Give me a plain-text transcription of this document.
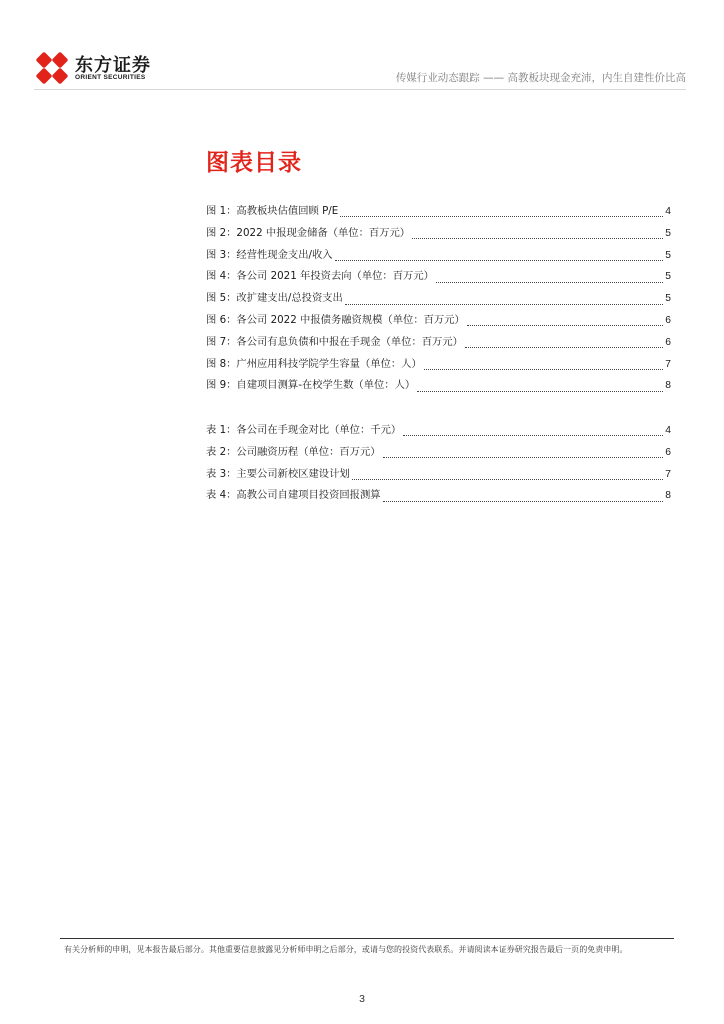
东方证券
ORIENT SECURITIES	传媒行业动态跟踪 —— 高教板块现金充沛，内生自建性价比高
图表目录
图 1：高教板块估值回顾 P/E	4
图 2：2022 中报现金储备（单位：百万元）	5
图 3：经营性现金支出/收入	5
图 4：各公司 2021 年投资去向（单位：百万元）	5
图 5：改扩建支出/总投资支出	5
图 6：各公司 2022 中报债务融资规模（单位：百万元）	6
图 7：各公司有息负债和中报在手现金（单位：百万元）	6
图 8：广州应用科技学院学生容量（单位：人）	7
图 9：自建项目测算-在校学生数（单位：人）	8
表 1：各公司在手现金对比（单位：千元）	4
表 2：公司融资历程（单位：百万元）	6
表 3：主要公司新校区建设计划	7
表 4：高教公司自建项目投资回报测算	8
有关分析师的申明，见本报告最后部分。其他重要信息披露见分析师申明之后部分，或请与您的投资代表联系。并请阅读本证券研究报告最后一页的免责申明。
3
